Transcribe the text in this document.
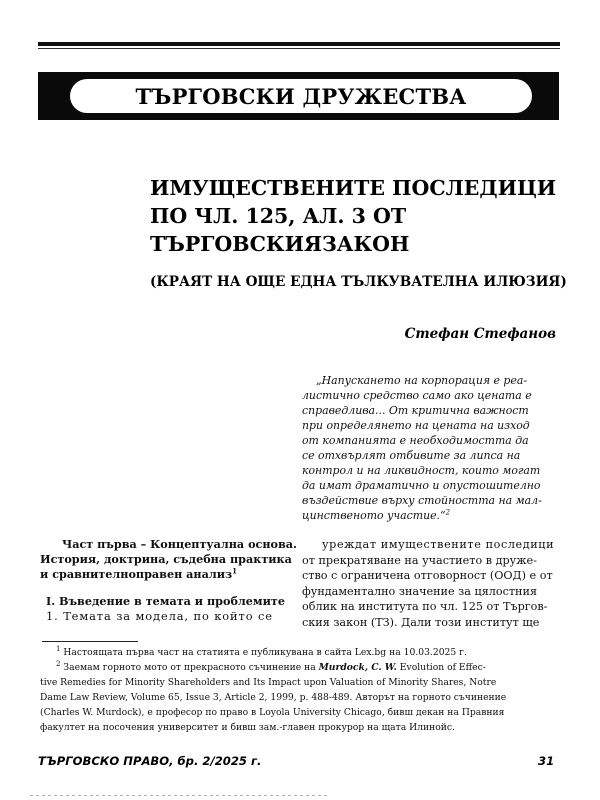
ТЪРГОВСКИ ДРУЖЕСТВА
ИМУЩЕСТВЕНИТЕ ПОСЛЕДИЦИ
ПО ЧЛ. 125, АЛ. 3 ОТ
ТЪРГОВСКИЯЗАКОН
(КРАЯТ НА ОЩЕ ЕДНА ТЪЛКУВАТЕЛНА ИЛЮЗИЯ)
Стефан Стефанов
„Напускането на корпорация е реа-
листично средство само ако цената е
справедлива... От критична важност
при определянето на цената на изход
от компанията е необходимостта да
се отхвърлят отбивите за липса на
контрол и на ликвидност, които могат
да имат драматично и опустошително
въздействие върху стойността на мал-
цинственото участие.“$^2$
Част първа – Концептуална основа.
История, доктрина, съдебна практика
и сравнителноправен анализ$^1$
I. Въведение в темата и проблемите
1. Темата за модела, по който се
уреждат имуществените последици
от прекратяване на участието в друже-
ство с ограничена отговорност (ООД) е от
фундаментално значение за цялостния
облик на института по чл. 125 от Търгов-
ския закон (ТЗ). Дали този институт ще
$^1$ Настоящата първа част на статията е публикувана в сайта Lex.bg на 10.03.2025 г.
$^2$ Заемам горното мото от прекрасното съчинение на Murdock, C. W. Evolution of Effec-
tive Remedies for Minority Shareholders and Its Impact upon Valuation of Minority Shares, Notre
Dame Law Review, Volume 65, Issue 3, Article 2, 1999, p. 488-489. Авторът на горното съчинение
(Charles W. Murdock), е професор по право в Loyola University Chicago, бивш декан на Правния
факултет на посочения университет и бивш зам.-главен прокурор на щата Илинойс.
ТЪРГОВСКО ПРАВО, бр. 2/2025 г.	31
